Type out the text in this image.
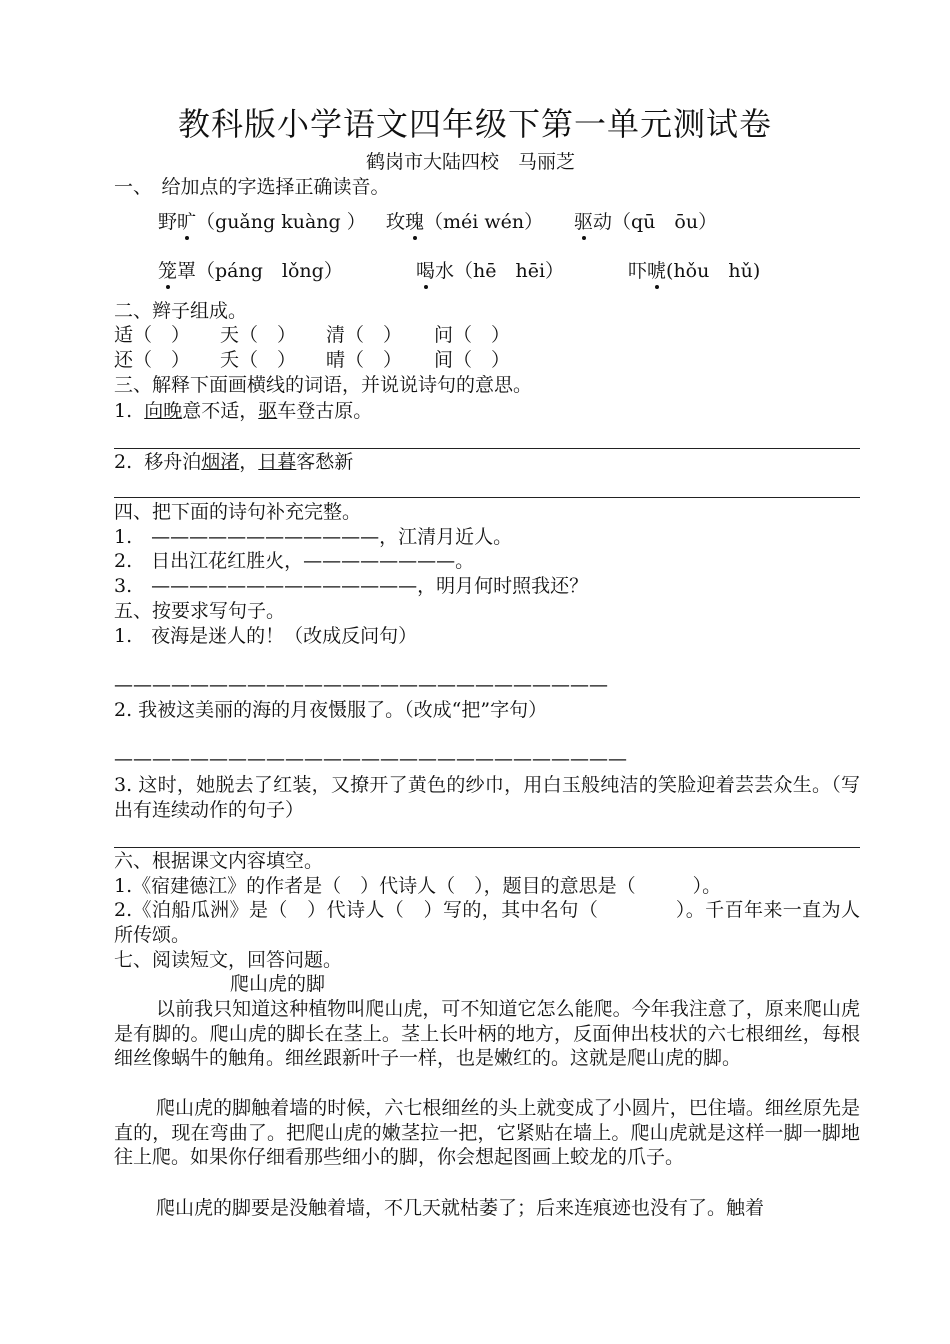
教科版小学语文四年级下第一单元测试卷
鹤岗市大陆四校　马丽芝
一、　给加点的字选择正确读音。
野旷（guǎng kuàng ） 玫瑰（méi wén） 驱动（qū　ōu）
笼罩（páng　lǒng）	喝水（hē　hēi）	吓唬(hǒu　hǔ)
二、辫子组成。
适（　） 天（　） 清（　） 问（　）
还（　） 夭（　） 晴（　） 间（　）
三、解释下面画横线的词语，并说说诗句的意思。
1. 向晚意不适，驱车登古原。
2. 移舟泊烟渚，日暮客愁新
四、把下面的诗句补充完整。
1.　————————————，江清月近人。
2.　日出江花红胜火，————————。
3.　——————————————，明月何时照我还？
五、按要求写句子。
1.　夜海是迷人的！（改成反问句）
——————————————————————————
2. 我被这美丽的海的月夜慑服了。（改成“把”字句）
———————————————————————————
3. 这时，她脱去了红装，又撩开了黄色的纱巾，用白玉般纯洁的笑脸迎着芸芸众生。（写出有连续动作的句子）
六、根据课文内容填空。
1.《宿建德江》的作者是（　）代诗人（　），题目的意思是（　　　）。
2.《泊船瓜洲》是（　）代诗人（　）写的，其中名句（　　　　）。千百年来一直为人所传颂。
七、阅读短文，回答问题。
爬山虎的脚
以前我只知道这种植物叫爬山虎，可不知道它怎么能爬。今年我注意了，原来爬山虎是有脚的。爬山虎的脚长在茎上。茎上长叶柄的地方，反面伸出枝状的六七根细丝，每根细丝像蜗牛的触角。细丝跟新叶子一样，也是嫩红的。这就是爬山虎的脚。
爬山虎的脚触着墙的时候，六七根细丝的头上就变成了小圆片，巴住墙。细丝原先是直的，现在弯曲了。把爬山虎的嫩茎拉一把，它紧贴在墙上。爬山虎就是这样一脚一脚地往上爬。如果你仔细看那些细小的脚，你会想起图画上蛟龙的爪子。
爬山虎的脚要是没触着墙，不几天就枯萎了；后来连痕迹也没有了。触着
